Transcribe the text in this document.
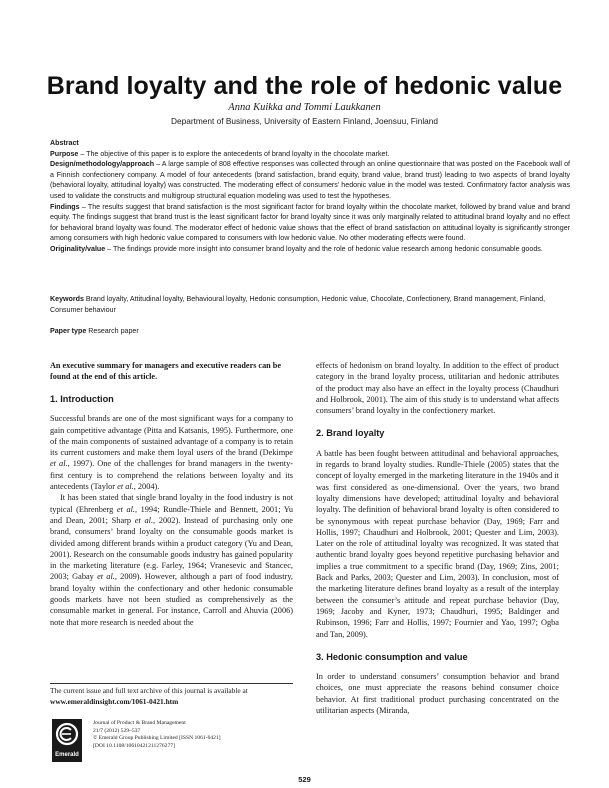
Brand loyalty and the role of hedonic value
Anna Kuikka and Tommi Laukkanen
Department of Business, University of Eastern Finland, Joensuu, Finland

Abstract

Purpose – The objective of this paper is to explore the antecedents of brand loyalty in the chocolate market.

Design/methodology/approach – A large sample of 808 effective responses was collected through an online questionnaire that was posted on the Facebook wall of a Finnish confectionery company. A model of four antecedents (brand satisfaction, brand equity, brand value, brand trust) leading to two aspects of brand loyalty (behavioral loyalty, attitudinal loyalty) was constructed. The moderating effect of consumers’ hedonic value in the model was tested. Confirmatory factor analysis was used to validate the constructs and multigroup structural equation modeling was used to test the hypotheses.

Findings – The results suggest that brand satisfaction is the most significant factor for brand loyalty within the chocolate market, followed by brand value and brand equity. The findings suggest that brand trust is the least significant factor for brand loyalty since it was only marginally related to attitudinal brand loyalty and no effect for behavioral brand loyalty was found. The moderator effect of hedonic value shows that the effect of brand satisfaction on attitudinal loyalty is significantly stronger among consumers with high hedonic value compared to consumers with low hedonic value. No other moderating effects were found.

Originality/value – The findings provide more insight into consumer brand loyalty and the role of hedonic value research among hedonic consumable goods.

Keywords Brand loyalty, Attitudinal loyalty, Behavioural loyalty, Hedonic consumption, Hedonic value, Chocolate, Confectionery, Brand management, Finland, Consumer behaviour
Paper type Research paper

An executive summary for managers and executive readers can be found at the end of this article.

1. Introduction

Successful brands are one of the most significant ways for a company to gain competitive advantage (Pitta and Katsanis, 1995). Furthermore, one of the main components of sustained advantage of a company is to retain its current customers and make them loyal users of the brand (Dekimpe et al., 1997). One of the challenges for brand managers in the twenty-first century is to comprehend the relations between loyalty and its antecedents (Taylor et al., 2004).

It has been stated that single brand loyalty in the food industry is not typical (Ehrenberg et al., 1994; Rundle-Thiele and Bennett, 2001; Yu and Dean, 2001; Sharp et al., 2002). Instead of purchasing only one brand, consumers’ brand loyalty on the consumable goods market is divided among different brands within a product category (Yu and Dean, 2001). Research on the consumable goods industry has gained popularity in the marketing literature (e.g. Farley, 1964; Vranesevic and Stancec, 2003; Gabay et al., 2009). However, although a part of food industry, brand loyalty within the confectionary and other hedonic consumable goods markets have not been studied as comprehensively as the consumable market in general. For instance, Carroll and Ahuvia (2006) note that more research is needed about the

The current issue and full text archive of this journal is available at
www.emeraldinsight.com/1061-0421.htm
Emerald
Journal of Product & Brand Management
21/7 (2012) 529–537
© Emerald Group Publishing Limited [ISSN 1061-0421]
[DOI 10.1108/10610421211276277]

effects of hedonism on brand loyalty. In addition to the effect of product category in the brand loyalty process, utilitarian and hedonic attributes of the product may also have an effect in the loyalty process (Chaudhuri and Holbrook, 2001). The aim of this study is to understand what affects consumers’ brand loyalty in the confectionery market.

2. Brand loyalty

A battle has been fought between attitudinal and behavioral approaches, in regards to brand loyalty studies. Rundle-Thiele (2005) states that the concept of loyalty emerged in the marketing literature in the 1940s and it was first considered as one-dimensional. Over the years, two brand loyalty dimensions have developed; attitudinal loyalty and behavioral loyalty. The definition of behavioral brand loyalty is often considered to be synonymous with repeat purchase behavior (Day, 1969; Farr and Hollis, 1997; Chaudhuri and Holbrook, 2001; Quester and Lim, 2003). Later on the role of attitudinal loyalty was recognized. It was stated that authentic brand loyalty goes beyond repetitive purchasing behavior and implies a true commitment to a specific brand (Day, 1969; Zins, 2001; Back and Parks, 2003; Quester and Lim, 2003). In conclusion, most of the marketing literature defines brand loyalty as a result of the interplay between the consumer’s attitude and repeat purchase behavior (Day, 1969; Jacoby and Kyner, 1973; Chaudhuri, 1995; Baldinger and Rubinson, 1996; Farr and Hollis, 1997; Fournier and Yao, 1997; Ogba and Tan, 2009).

3. Hedonic consumption and value

In order to understand consumers’ consumption behavior and brand choices, one must appreciate the reasons behind consumer choice behavior. At first traditional product purchasing concentrated on the utilitarian aspects (Miranda,

529
